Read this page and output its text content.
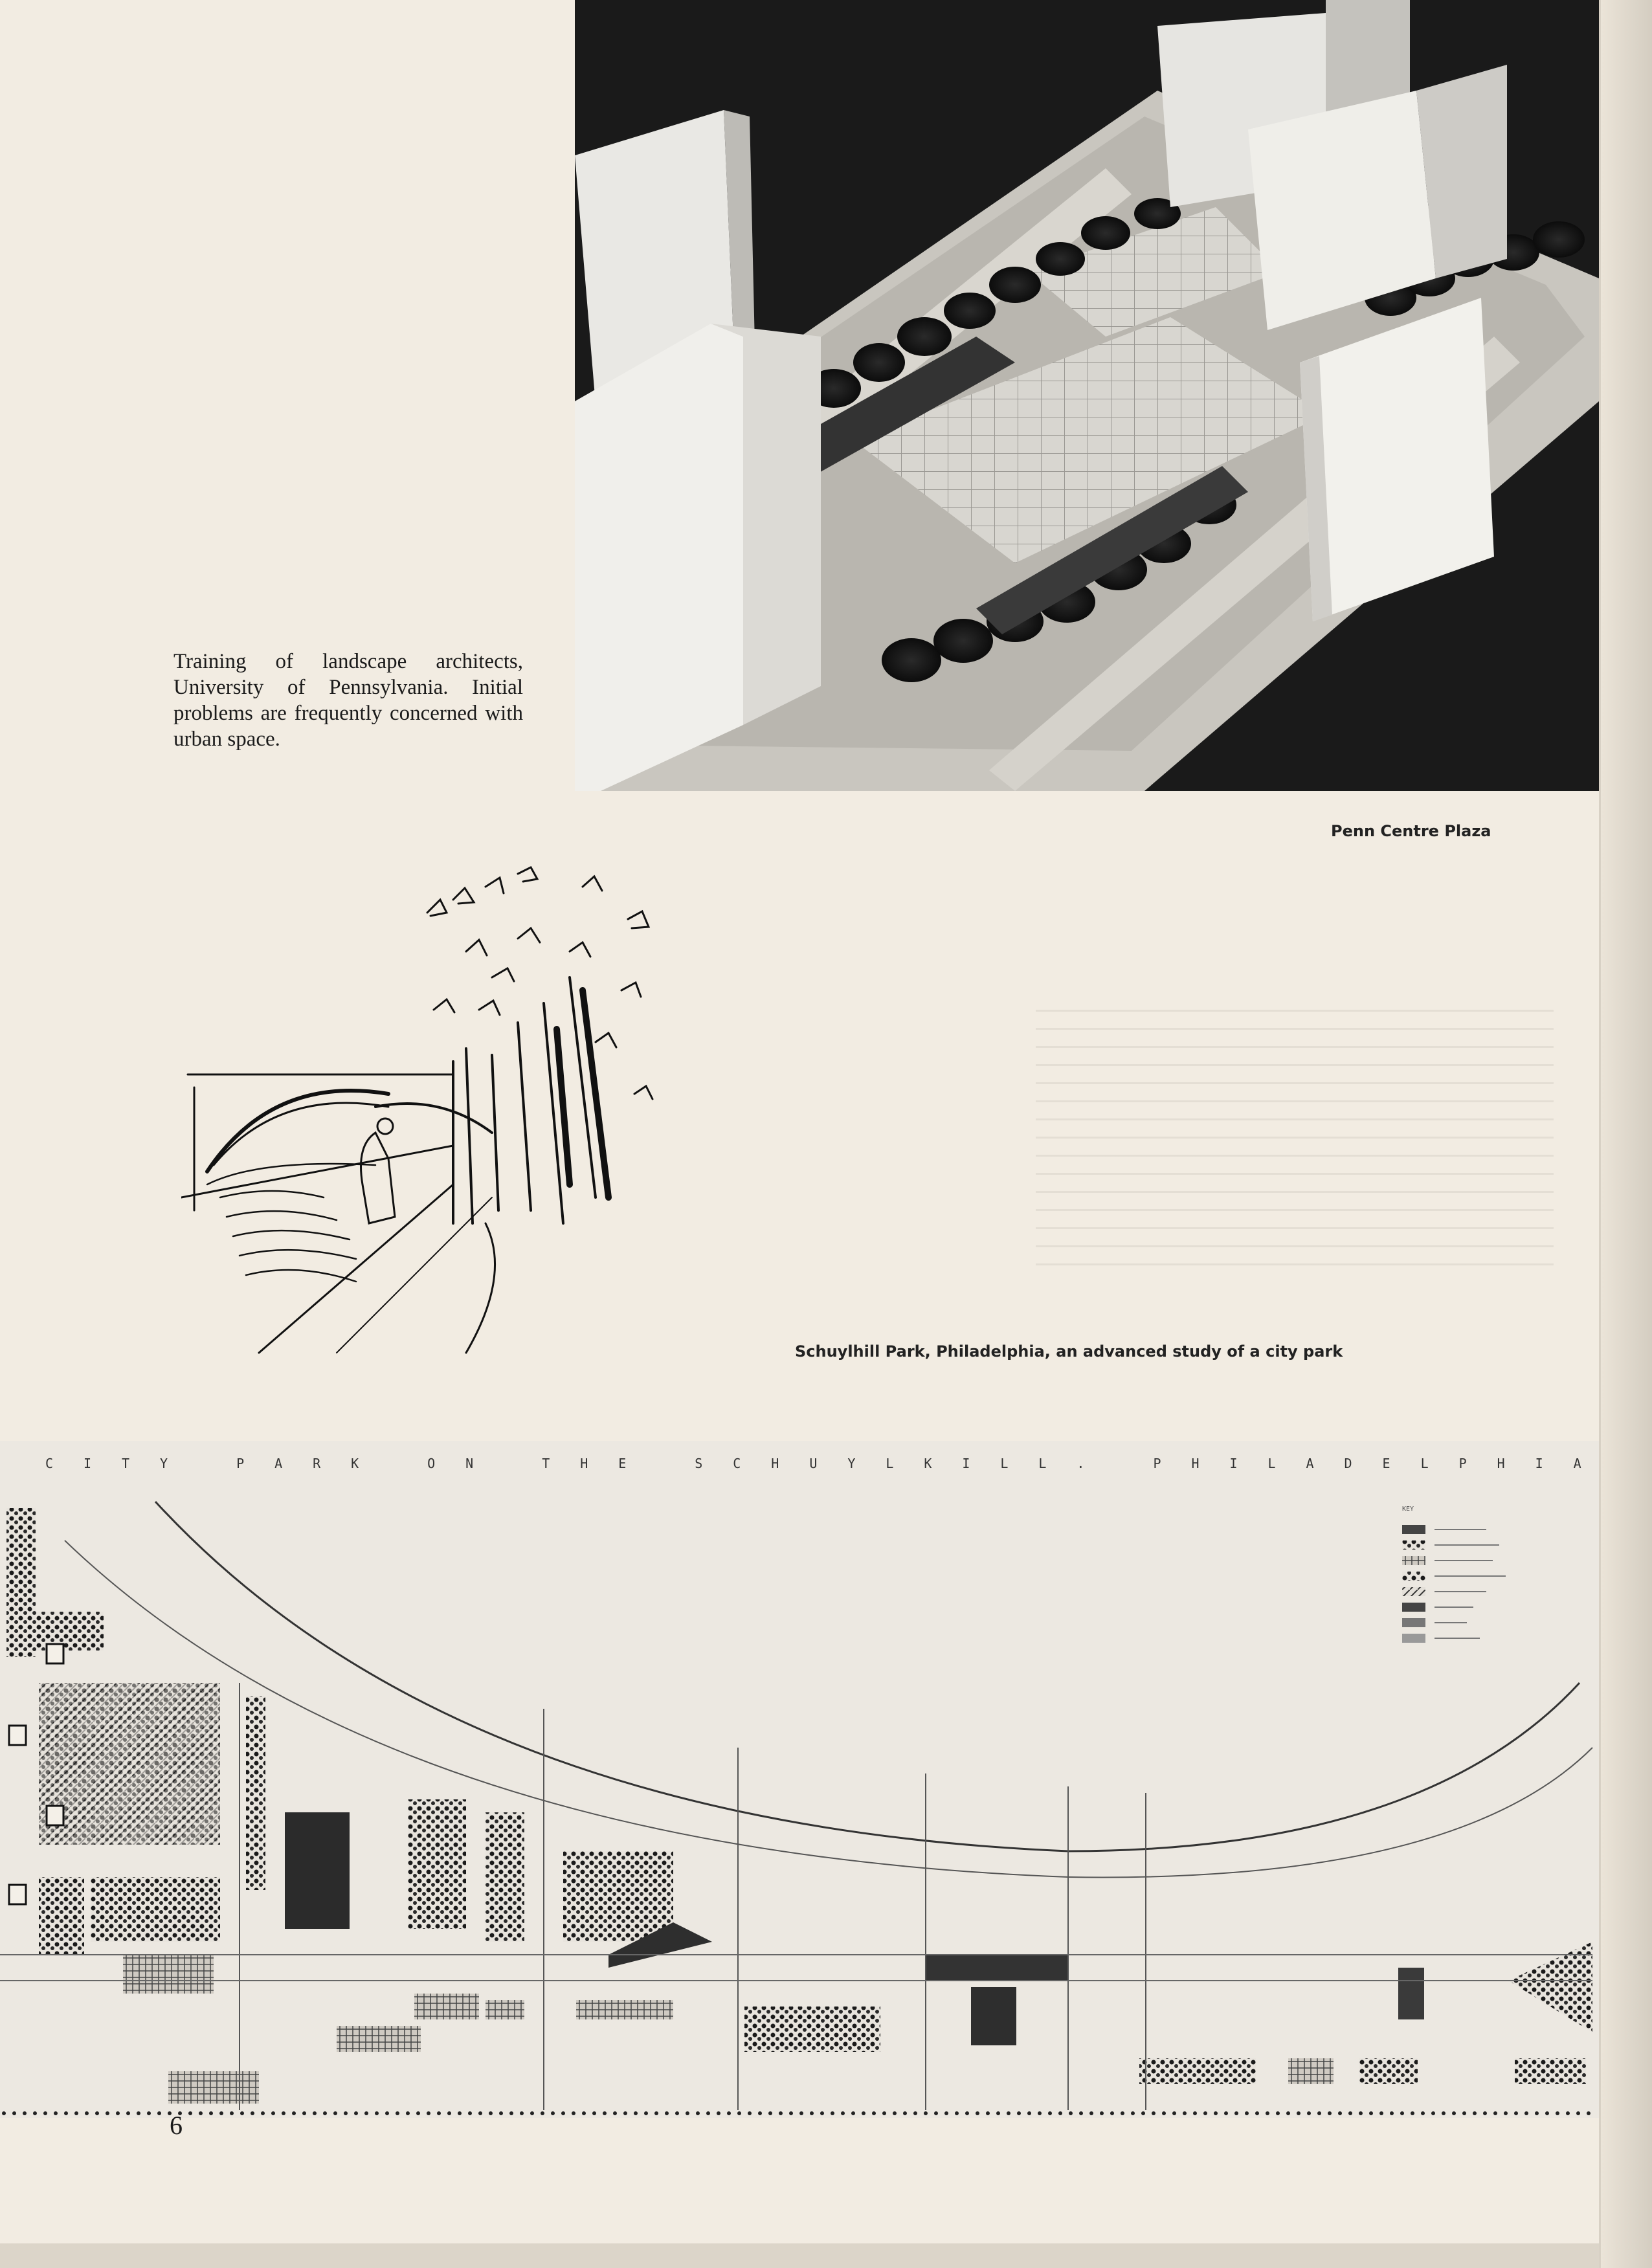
Training of landscape architects, University of Pennsylvania. Initial problems are frequently concerned with urban space.

Penn Centre Plaza
Schuylhill Park, Philadelphia, an advanced study of a city park
C	I	T	Y	P	A	R	K	O	N	T	H	E	S	C	H	U	Y	L	K	I	L	L	.	P	H	I	L	A	D	E	L	P	H	I	A
KEY
6
